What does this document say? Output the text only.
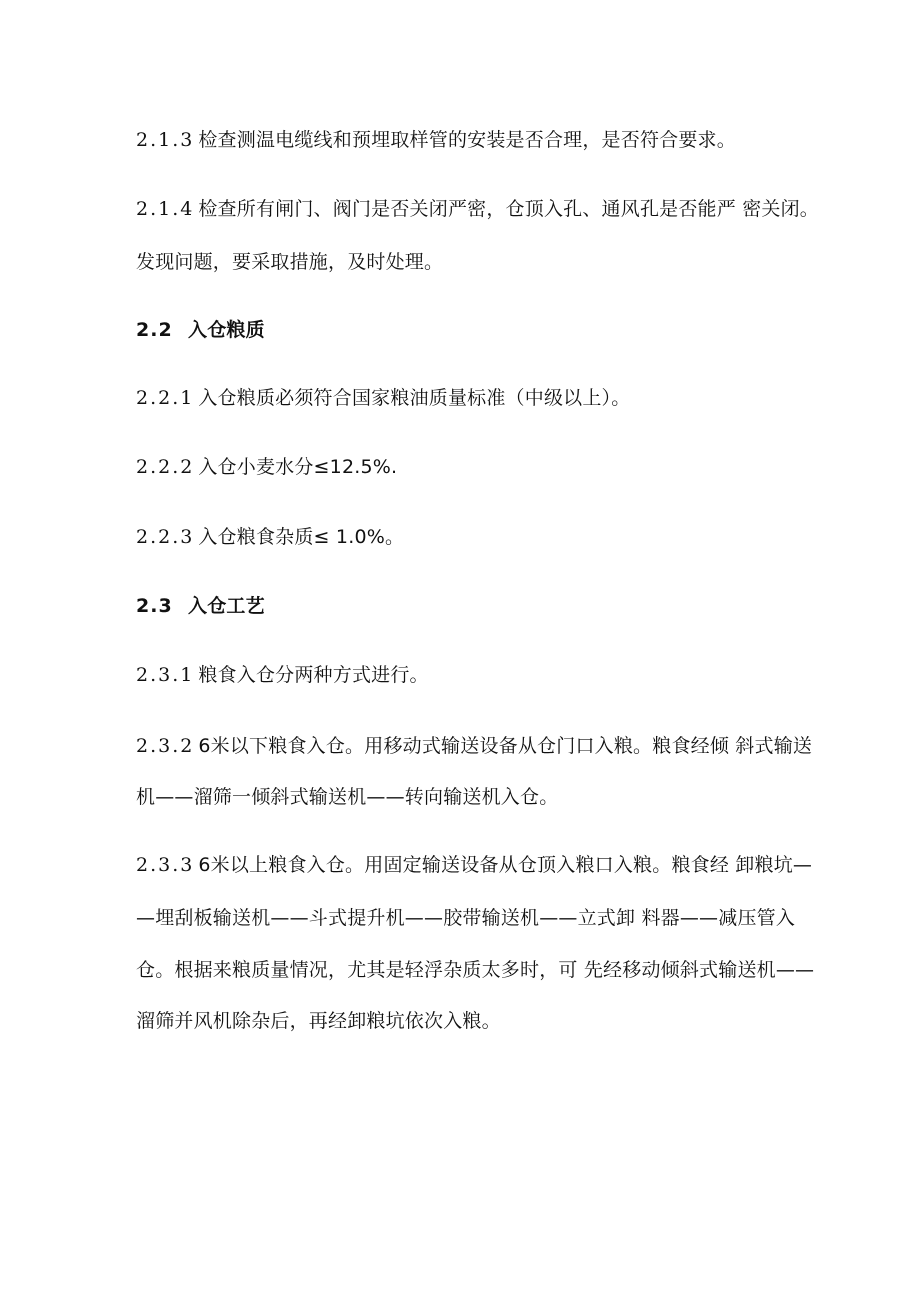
2.1.3 检查测温电缆线和预埋取样管的安装是否合理，是否符合要求。
2.1.4 检查所有闸门、阀门是否关闭严密，仓顶入孔、通风孔是否能严 密关闭。
发现问题，要采取措施，及时处理。
2.2 入仓粮质
2.2.1 入仓粮质必须符合国家粮油质量标准（中级以上）。
2.2.2 入仓小麦水分≤12.5%.
2.2.3 入仓粮食杂质≤ 1.0%。
2.3 入仓工艺
2.3.1 粮食入仓分两种方式进行。
2.3.2 6米以下粮食入仓。用移动式输送设备从仓门口入粮。粮食经倾 斜式输送
机——溜筛一倾斜式输送机——转向输送机入仓。
2.3.3 6米以上粮食入仓。用固定输送设备从仓顶入粮口入粮。粮食经 卸粮坑—
—埋刮板输送机——斗式提升机——胶带输送机——立式卸 料器——减压管入
仓。根据来粮质量情况，尤其是轻浮杂质太多时，可 先经移动倾斜式输送机——
溜筛并风机除杂后，再经卸粮坑依次入粮。
